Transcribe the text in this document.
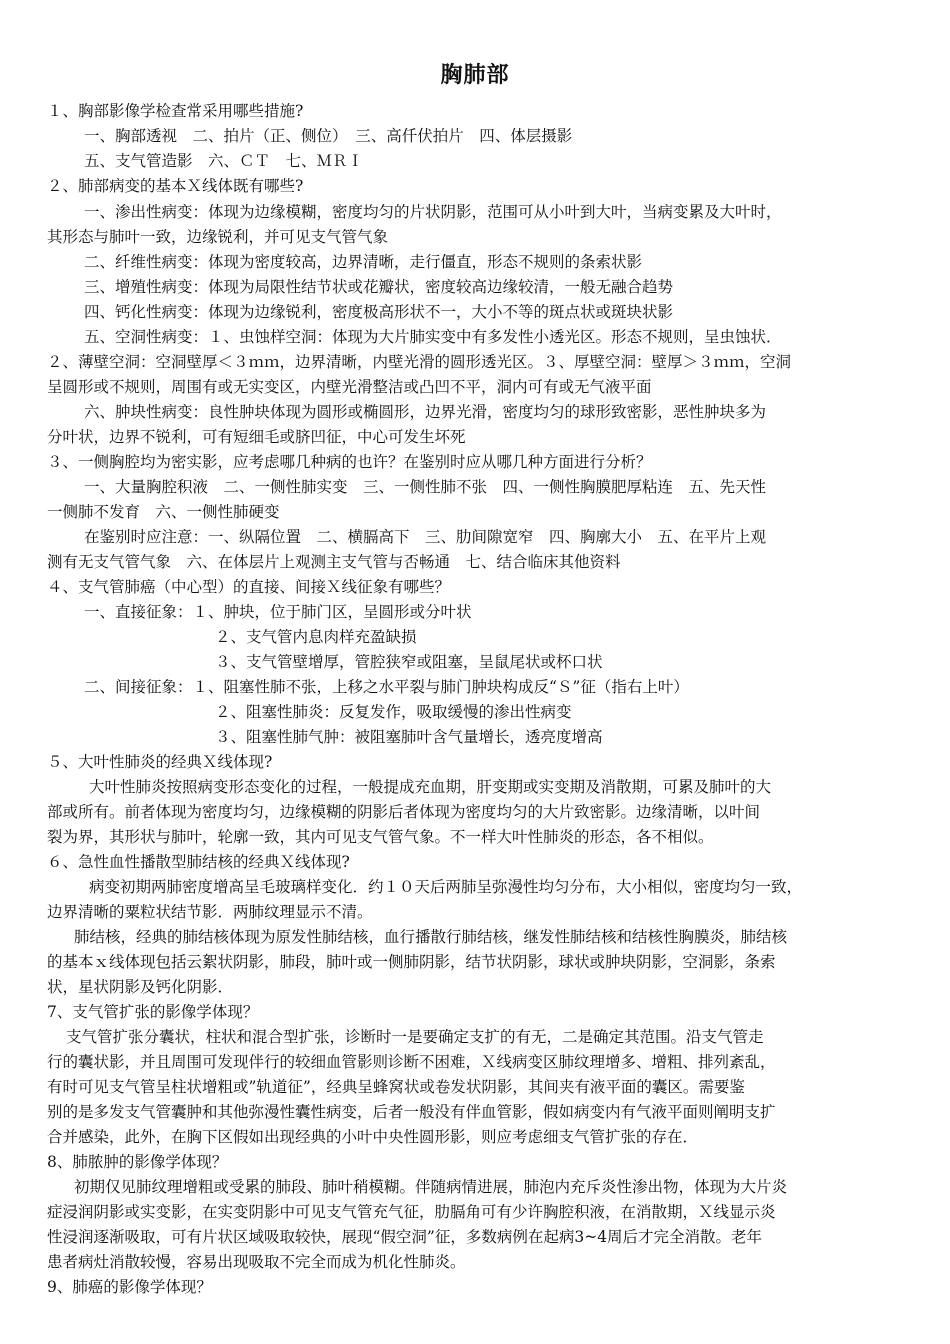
胸肺部
１、胸部影像学检查常采用哪些措施?
一、胸部透视　二、拍片（正、侧位）　三、高仟伏拍片　四、体层摄影
五、支气管造影　六、ＣＴ　七、ＭＲＩ
２、肺部病变的基本Ｘ线体既有哪些?
一、渗出性病变：体现为边缘模糊，密度均匀的片状阴影，范围可从小叶到大叶，当病变累及大叶时，
其形态与肺叶一致，边缘锐利，并可见支气管气象
二、纤维性病变：体现为密度较高，边界清晰，走行僵直，形态不规则的条索状影
三、增殖性病变：体现为局限性结节状或花瓣状，密度较高边缘较清，一般无融合趋势
四、钙化性病变：体现为边缘锐利，密度极高形状不一，大小不等的斑点状或斑块状影
五、空洞性病变：１、虫蚀样空洞：体现为大片肺实变中有多发性小透光区。形态不规则，呈虫蚀状．
２、薄壁空洞：空洞壁厚＜３ｍｍ，边界清晰，内壁光滑的圆形透光区。３、厚壁空洞：壁厚＞３ｍｍ，空洞
呈圆形或不规则，周围有或无实变区，内壁光滑整洁或凸凹不平，洞内可有或无气液平面
六、肿块性病变：良性肿块体现为圆形或椭圆形，边界光滑，密度均匀的球形致密影，恶性肿块多为
分叶状，边界不锐利，可有短细毛或脐凹征，中心可发生坏死
３、一侧胸腔均为密实影，应考虑哪几种病的也许？在鉴别时应从哪几种方面进行分析？
一、大量胸腔积液　二、一侧性肺实变　三、一侧性肺不张　四、一侧性胸膜肥厚粘连　五、先天性
一侧肺不发育　六、一侧性肺硬变
在鉴别时应注意：一、纵隔位置　二、横膈高下　三、肋间隙宽窄　四、胸廓大小　五、在平片上观
测有无支气管气象　六、在体层片上观测主支气管与否畅通　七、结合临床其他资料
４、支气管肺癌（中心型）的直接、间接Ｘ线征象有哪些？
一、直接征象：１、肿块，位于肺门区，呈圆形或分叶状
２、支气管内息肉样充盈缺损
３、支气管壁增厚，管腔狭窄或阻塞，呈鼠尾状或杯口状
二、间接征象：１、阻塞性肺不张，上移之水平裂与肺门肿块构成反“Ｓ”征（指右上叶）
２、阻塞性肺炎：反复发作，吸取缓慢的渗出性病变
３、阻塞性肺气肿：被阻塞肺叶含气量增长，透亮度增高
５、大叶性肺炎的经典Ｘ线体现?
大叶性肺炎按照病变形态变化的过程，一般提成充血期，肝变期或实变期及消散期，可累及肺叶的大
部或所有。前者体现为密度均匀，边缘模糊的阴影后者体现为密度均匀的大片致密影。边缘清晰，以叶间
裂为界，其形状与肺叶，轮廓一致，其内可见支气管气象。不一样大叶性肺炎的形态，各不相似。
６、急性血性播散型肺结核的经典Ｘ线体现?
病变初期两肺密度增高呈毛玻璃样变化．约１０天后两肺呈弥漫性均匀分布，大小相似，密度均匀一致，
边界清晰的粟粒状结节影．两肺纹理显示不清。
肺结核，经典的肺结核体现为原发性肺结核，血行播散行肺结核，继发性肺结核和结核性胸膜炎，肺结核
的基本ｘ线体现包括云絮状阴影，肺段，肺叶或一侧肺阴影，结节状阴影，球状或肿块阴影，空洞影，条索
状，星状阴影及钙化阴影．
7、支气管扩张的影像学体现？
支气管扩张分囊状，柱状和混合型扩张，诊断时一是要确定支扩的有无，二是确定其范围。沿支气管走
行的囊状影，并且周围可发现伴行的较细血管影则诊断不困难，Ｘ线病变区肺纹理增多、增粗、排列紊乱，
有时可见支气管呈柱状增粗或”轨道征”，经典呈蜂窝状或卷发状阴影，其间夹有液平面的囊区。需要鉴
别的是多发支气管囊肿和其他弥漫性囊性病变，后者一般没有伴血管影，假如病变内有气液平面则阐明支扩
合并感染，此外，在胸下区假如出现经典的小叶中央性圆形影，则应考虑细支气管扩张的存在．
8、肺脓肿的影像学体现？
初期仅见肺纹理增粗或受累的肺段、肺叶稍模糊。伴随病情进展，肺泡内充斥炎性渗出物，体现为大片炎
症浸润阴影或实变影，在实变阴影中可见支气管充气征，肋膈角可有少许胸腔积液，在消散期，Ｘ线显示炎
性浸润逐渐吸取，可有片状区域吸取较快，展现“假空洞”征，多数病例在起病3~4周后才完全消散。老年
患者病灶消散较慢，容易出现吸取不完全而成为机化性肺炎。
9、肺癌的影像学体现？
